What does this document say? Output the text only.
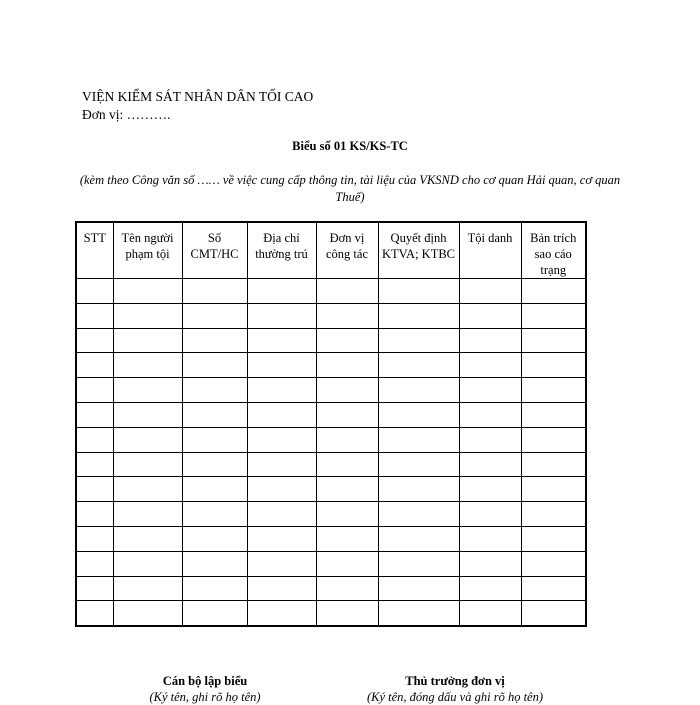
VIỆN KIỂM SÁT NHÂN DÂN TỐI CAO
Đơn vị: ……….
Biểu số 01 KS/KS-TC
(kèm theo Công văn số …… về việc cung cấp thông tin, tài liệu của VKSND cho cơ quan Hải quan, cơ quan Thuế)
STT	Tên người phạm tội	Số CMT/HC	Địa chỉ thường trú	Đơn vị công tác	Quyết định KTVA; KTBC	Tội danh	Bản trích sao cáo trạng

Cán bộ lập biểu
(Ký tên, ghi rõ họ tên)
Thủ trưởng đơn vị
(Ký tên, đóng dấu và ghi rõ họ tên)
